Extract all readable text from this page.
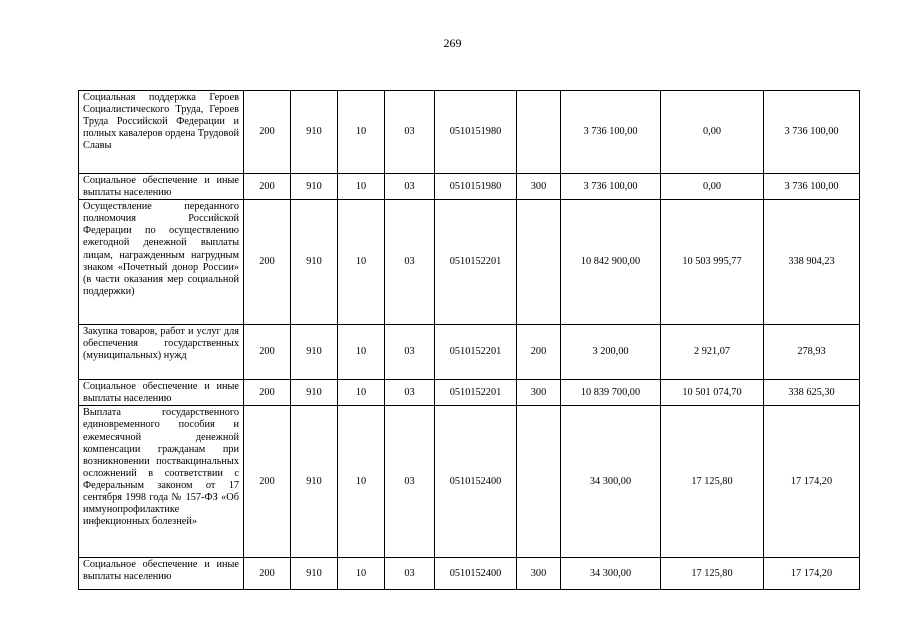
269
Социальная поддержка Героев Социалистического Труда, Героев Труда Российской Федерации и полных кавалеров ордена Трудовой Славы	200	910	10	03	0510151980		3 736 100,00	0,00	3 736 100,00
Социальное обеспечение и иные выплаты населению	200	910	10	03	0510151980	300	3 736 100,00	0,00	3 736 100,00
Осуществление переданного полномочия Российской Федерации по осуществлению ежегодной денежной выплаты лицам, награжденным нагрудным знаком «Почетный донор России» (в части оказания мер социальной поддержки)	200	910	10	03	0510152201		10 842 900,00	10 503 995,77	338 904,23
Закупка товаров, работ и услуг для обеспечения государственных (муниципальных) нужд	200	910	10	03	0510152201	200	3 200,00	2 921,07	278,93
Социальное обеспечение и иные выплаты населению	200	910	10	03	0510152201	300	10 839 700,00	10 501 074,70	338 625,30
Выплата государственного единовременного пособия и ежемесячной денежной компенсации гражданам при возникновении поствакцинальных осложнений в соответствии с Федеральным законом от 17 сентября 1998 года № 157-ФЗ «Об иммунопрофилактике инфекционных болезней»	200	910	10	03	0510152400		34 300,00	17 125,80	17 174,20
Социальное обеспечение и иные выплаты населению	200	910	10	03	0510152400	300	34 300,00	17 125,80	17 174,20
